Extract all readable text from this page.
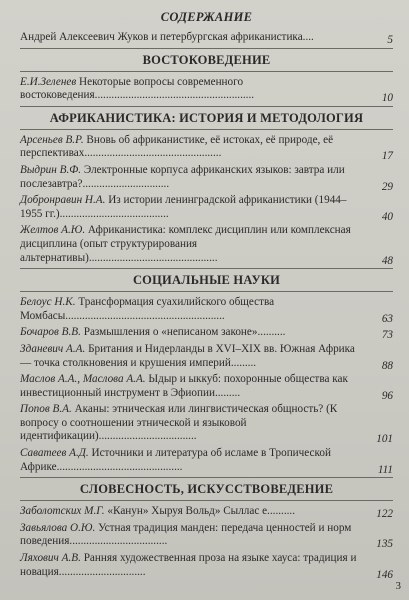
СОДЕРЖАНИЕ
Андрей Алексеевич Жуков и петербургская африканистика....	5
ВОСТОКОВЕДЕНИЕ
Е.И.Зеленев Некоторые вопросы современного востоковедения.........................................................	10
АФРИКАНИСТИКА: ИСТОРИЯ И МЕТОДОЛОГИЯ
Арсеньев В.Р. Вновь об африканистике, её истоках, её природе, её перспективах.................................................	17
Выдрин В.Ф. Электронные корпуса африканских языков: завтра или послезавтра?...............................	29
Добронравин Н.А. Из истории ленинградской африканистики (1944–1955 гг.).......................................	40
Желтов А.Ю. Африканистика: комплекс дисциплин или комплексная дисциплина (опыт структурирования альтернативы)..............................................	48
СОЦИАЛЬНЫЕ НАУКИ
Белоус Н.К. Трансформация суахилийского общества Момбасы.........................................................	63
Бочаров В.В. Размышления о «неписаном законе»..........	73
Зданевич А.А. Британия и Нидерланды в XVI–XIX вв. Южная Африка — точка столкновения и крушения империй.........	88
Маслов А.А., Маслова А.А. Ыдыр и ыккуб: похоронные общества как инвестиционный инструмент в Эфиопии.........	96
Попов В.А. Аканы: этническая или лингвистическая общность? (К вопросу о соотношении этнической и языковой идентификации)...................................	101
Саватеев А.Д. Источники и литература об исламе в Тропической Африке.............................................	111
СЛОВЕСНОСТЬ, ИСКУССТВОВЕДЕНИЕ
Заболотских М.Г. «Канун» Хыруя Вольд» Сыллас е..........	122
Завьялова О.Ю. Устная традиция манден: передача ценностей и норм поведения...................................	135
Ляхович А.В. Ранняя художественная проза на языке хауса: традиция и новация...............................	146
3
